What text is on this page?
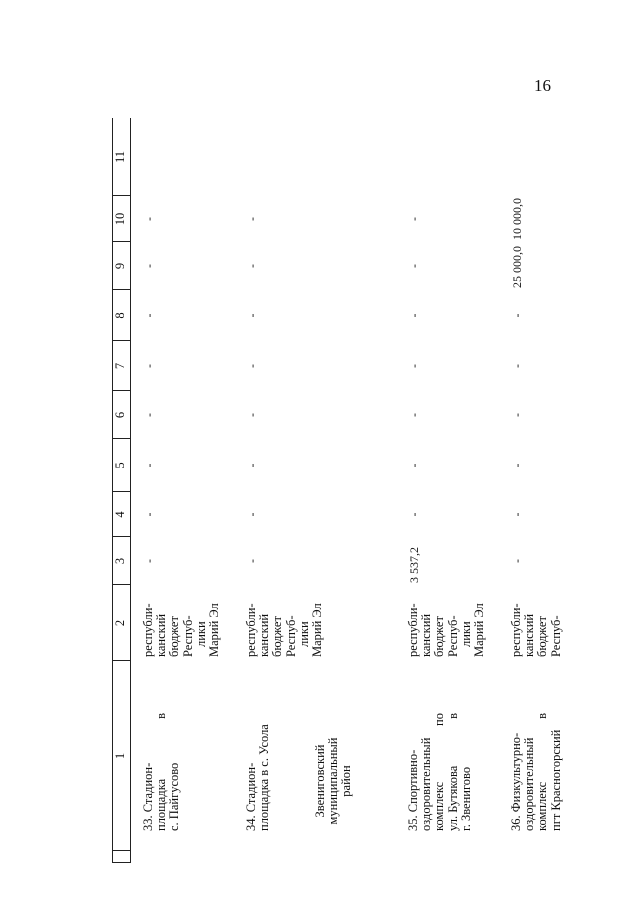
16
1
2
3
4
5
6
7
8
9
10
11
Звениговский муниципальный район
33. Стадион- площадка
в
с. Пайгусово
республи- канский бюджет Респуб- лики Марий Эл
-
-
-
-
-
-
-
-
34. Стадион- площадка в с. Усола
республи- канский бюджет Респуб- лики Марий Эл
-
-
-
-
-
-
-
-
35. Спортивно- оздоровительный комплекс
по
ул. Бутякова
в
г. Звенигово
республи- канский бюджет Респуб- лики Марий Эл
3 537,2
-
-
-
-
-
-
-
36. Физкультурно- оздоровительный комплекс
в
пгт Красногорский
республи- канский бюджет Респуб-
-
-
-
-
-
-
25 000,0
10 000,0
